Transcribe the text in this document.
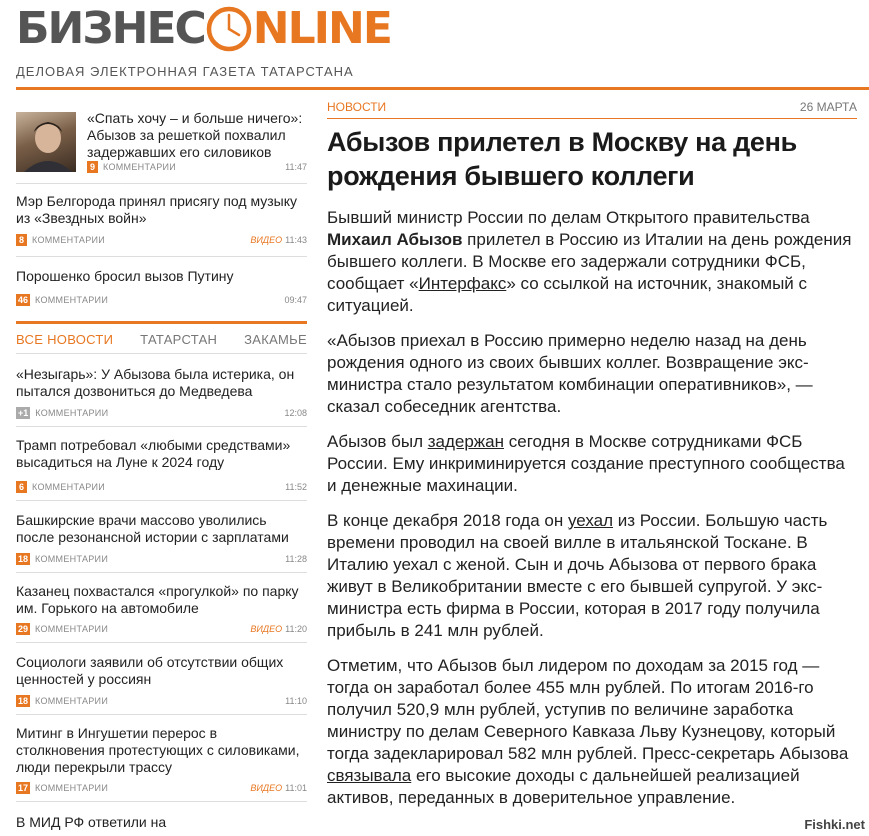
БИЗНЕС NLINE
ДЕЛОВАЯ ЭЛЕКТРОННАЯ ГАЗЕТА ТАТАРСТАНА

«Спать хочу – и больше ничего»: Абызов за решеткой похвалил задержавших его силовиков

9 КОММЕНТАРИИ	11:47

Мэр Белгорода принял присягу под музыку из «Звездных войн»

8 КОММЕНТАРИИ	ВИДЕО 11:43

Порошенко бросил вызов Путину

46 КОММЕНТАРИИ	09:47
ВСЕ НОВОСТИ ТАТАРСТАН ЗАКАМЬЕ

«Незыгарь»: У Абызова была истерика, он пытался дозвониться до Медведева

+1 КОММЕНТАРИИ	12:08

Трамп потребовал «любыми средствами» высадиться на Луне к 2024 году

6 КОММЕНТАРИИ	11:52

Башкирские врачи массово уволились после резонансной истории с зарплатами

18 КОММЕНТАРИИ	11:28

Казанец похвастался «прогулкой» по парку им. Горького на автомобиле

29 КОММЕНТАРИИ	ВИДЕО 11:20

Социологи заявили об отсутствии общих ценностей у россиян

18 КОММЕНТАРИИ	11:10

Митинг в Ингушетии перерос в столкновения протестующих с силовиками, люди перекрыли трассу

17 КОММЕНТАРИИ	ВИДЕО 11:01

В МИД РФ ответили на

НОВОСТИ	26 МАРТА
Абызов прилетел в Москву на день рождения бывшего коллеги

Бывший министр России по делам Открытого правительства Михаил Абызов прилетел в Россию из Италии на день рождения бывшего коллеги. В Москве его задержали сотрудники ФСБ, сообщает «Интерфакс» со ссылкой на источник, знакомый с ситуацией.

«Абызов приехал в Россию примерно неделю назад на день рождения одного из своих бывших коллег. Возвращение экс-министра стало результатом комбинации оперативников», — сказал собеседник агентства.

Абызов был задержан сегодня в Москве сотрудниками ФСБ России. Ему инкриминируется создание преступного сообщества и денежные махинации.

В конце декабря 2018 года он уехал из России. Большую часть времени проводил на своей вилле в итальянской Тоскане. В Италию уехал с женой. Сын и дочь Абызова от первого брака живут в Великобритании вместе с его бывшей супругой. У экс-министра есть фирма в России, которая в 2017 году получила прибыль в 241 млн рублей.

Отметим, что Абызов был лидером по доходам за 2015 год — тогда он заработал более 455 млн рублей. По итогам 2016-го получил 520,9 млн рублей, уступив по величине заработка министру по делам Северного Кавказа Льву Кузнецову, который тогда задекларировал 582 млн рублей. Пресс-секретарь Абызова связывала его высокие доходы с дальнейшей реализацией активов, переданных в доверительное управление.

Fishki.net
